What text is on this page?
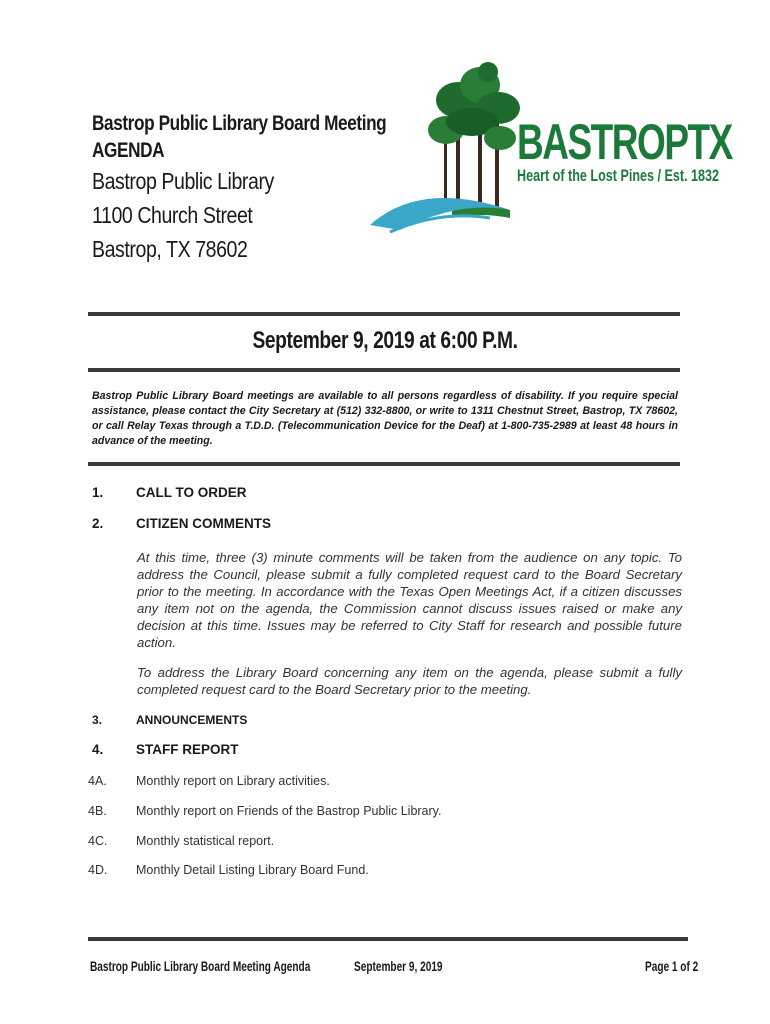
Bastrop Public Library Board Meeting
AGENDA
Bastrop Public Library
1100 Church Street
Bastrop, TX 78602
BASTROPTX
Heart of the Lost Pines / Est. 1832
September 9, 2019 at 6:00 P.M.
Bastrop Public Library Board meetings are available to all persons regardless of disability. If you require special assistance, please contact the City Secretary at (512) 332-8800, or write to 1311 Chestnut Street, Bastrop, TX 78602, or call Relay Texas through a T.D.D. (Telecommunication Device for the Deaf) at 1-800-735-2989 at least 48 hours in advance of the meeting.
1. CALL TO ORDER
2. CITIZEN COMMENTS
At this time, three (3) minute comments will be taken from the audience on any topic. To address the Council, please submit a fully completed request card to the Board Secretary prior to the meeting. In accordance with the Texas Open Meetings Act, if a citizen discusses any item not on the agenda, the Commission cannot discuss issues raised or make any decision at this time. Issues may be referred to City Staff for research and possible future action.
To address the Library Board concerning any item on the agenda, please submit a fully completed request card to the Board Secretary prior to the meeting.
3.	ANNOUNCEMENTS
4. STAFF REPORT
4A. Monthly report on Library activities.
4B. Monthly report on Friends of the Bastrop Public Library.
4C. Monthly statistical report.
4D. Monthly Detail Listing Library Board Fund.
Bastrop Public Library Board Meeting Agenda	September 9, 2019	Page 1 of 2
